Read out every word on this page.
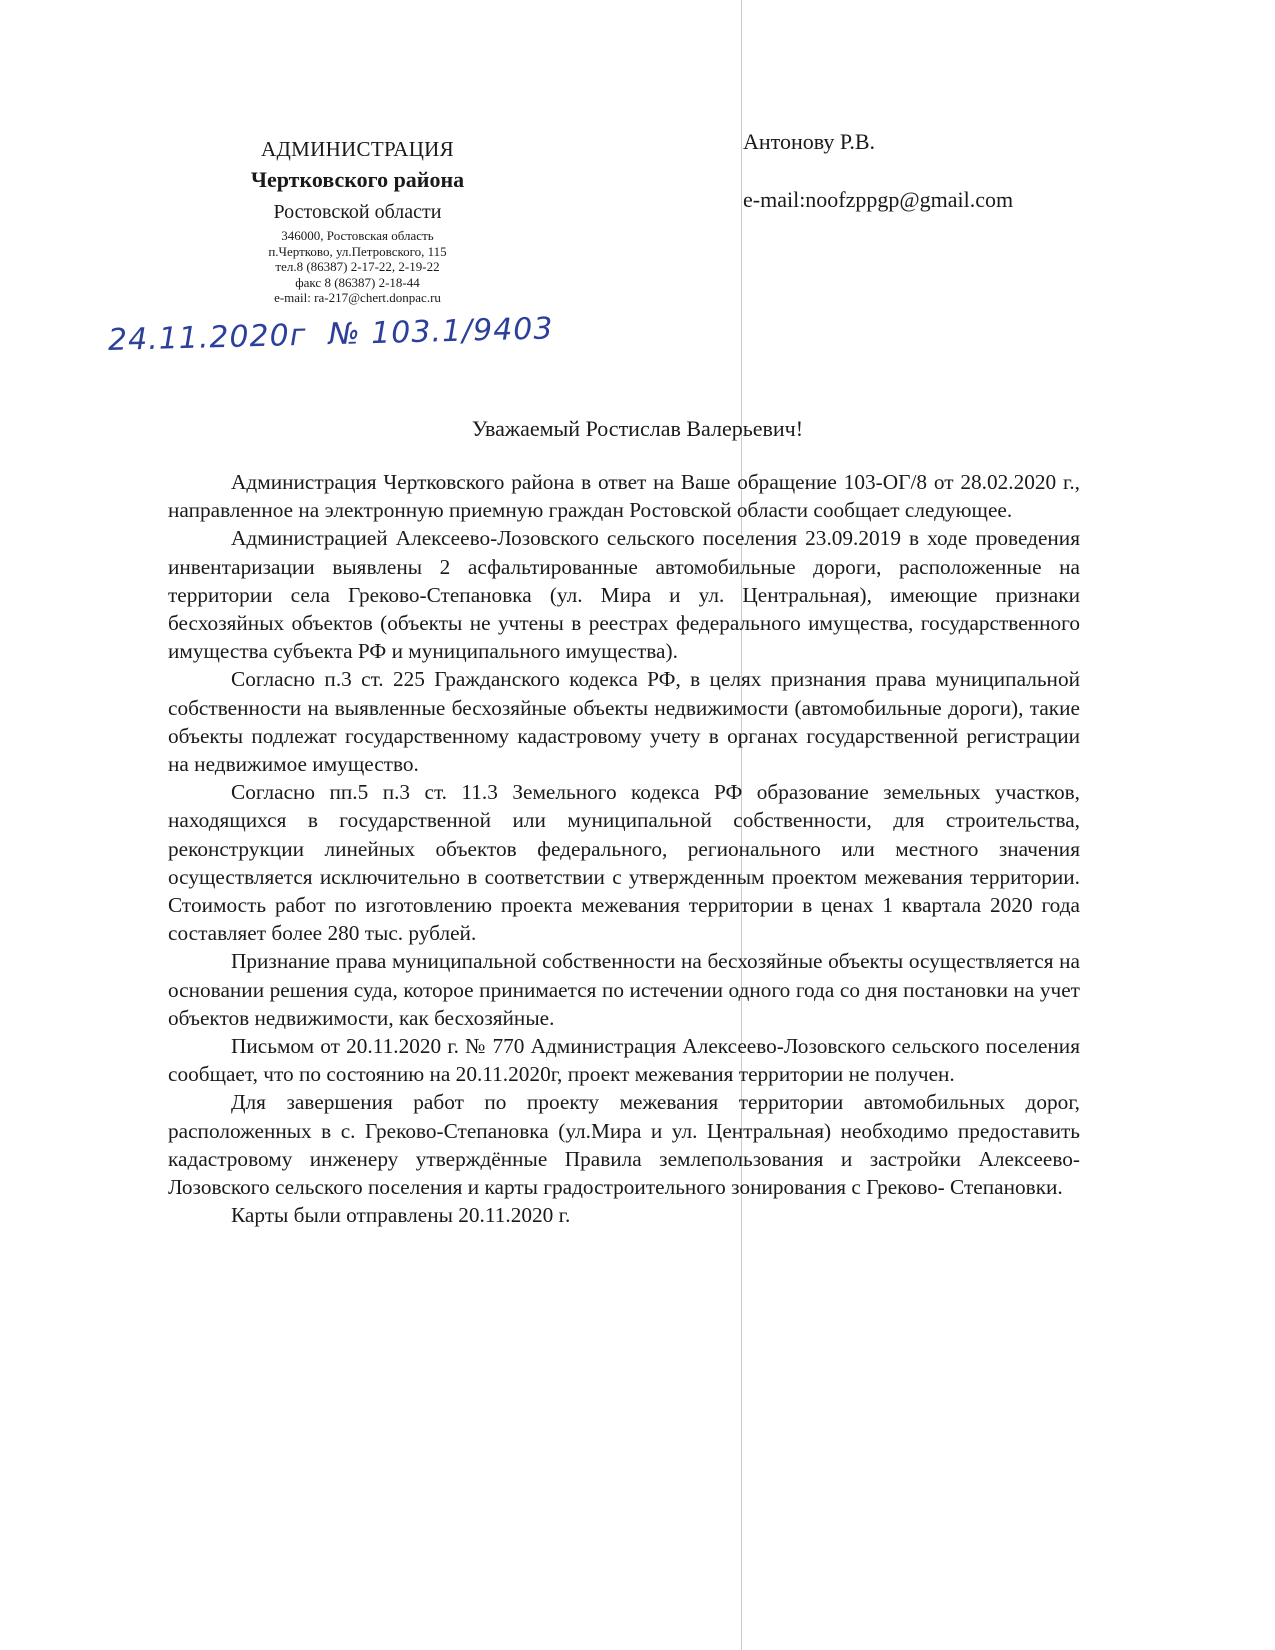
АДМИНИСТРАЦИЯ
Чертковского района
Ростовской области
346000, Ростовская область
п.Чертково, ул.Петровского, 115
тел.8 (86387) 2-17-22, 2-19-22
факс 8 (86387) 2-18-44
e-mail: ra-217@chert.donpac.ru
Антонову Р.В.
e-mail:noofzppgp@gmail.com
24.11.2020г № 103.1/9403
Уважаемый Ростислав Валерьевич!

Администрация Чертковского района в ответ на Ваше обращение 103-ОГ/8 от 28.02.2020 г., направленное на электронную приемную граждан Ростовской области сообщает следующее.

Администрацией Алексеево-Лозовского сельского поселения 23.09.2019 в ходе проведения инвентаризации выявлены 2 асфальтированные автомобильные дороги, расположенные на территории села Греково-Степановка (ул. Мира и ул. Центральная), имеющие признаки бесхозяйных объектов (объекты не учтены в реестрах федерального имущества, государственного имущества субъекта РФ и муниципального имущества).

Согласно п.3 ст. 225 Гражданского кодекса РФ, в целях признания права муниципальной собственности на выявленные бесхозяйные объекты недвижимости (автомобильные дороги), такие объекты подлежат государственному кадастровому учету в органах государственной регистрации на недвижимое имущество.

Согласно пп.5 п.3 ст. 11.3 Земельного кодекса РФ образование земельных участков, находящихся в государственной или муниципальной собственности, для строительства, реконструкции линейных объектов федерального, регионального или местного значения осуществляется исключительно в соответствии с утвержденным проектом межевания территории. Стоимость работ по изготовлению проекта межевания территории в ценах 1 квартала 2020 года составляет более 280 тыс. рублей.

Признание права муниципальной собственности на бесхозяйные объекты осуществляется на основании решения суда, которое принимается по истечении одного года со дня постановки на учет объектов недвижимости, как бесхозяйные.

Письмом от 20.11.2020 г. № 770 Администрация Алексеево-Лозовского сельского поселения сообщает, что по состоянию на 20.11.2020г, проект межевания территории не получен.

Для завершения работ по проекту межевания территории автомобильных дорог, расположенных в с. Греково-Степановка (ул.Мира и ул. Центральная) необходимо предоставить кадастровому инженеру утверждённые Правила землепользования и застройки Алексеево-Лозовского сельского поселения и карты градостроительного зонирования с Греково- Степановки.

Карты были отправлены 20.11.2020 г.
